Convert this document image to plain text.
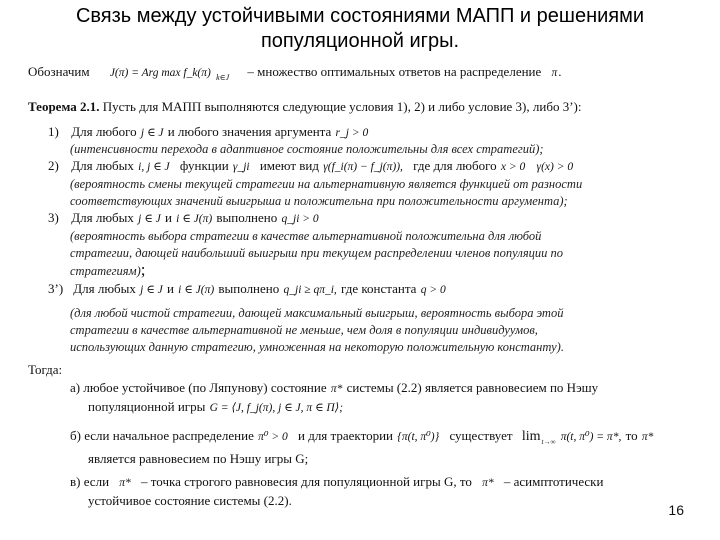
Связь между устойчивыми состояниями МАПП и решениями популяционной игры.
Обозначим J(π) = Arg max f_k(π) $_{k\in J}$ – множество оптимальных ответов на распределение π.
Теорема 2.1. Пусть для МАПП выполняются следующие условия 1), 2) и либо условие 3), либо 3’):
1) Для любого j ∈ J и любого значения аргумента r_j > 0
(интенсивности перехода в адаптивное состояние положительны для всех стратегий);
2) Для любых i, j ∈ J функции γ_ji имеют вид γ(f_i(π) − f_j(π)), где для любого x > 0 γ(x) > 0
(вероятность смены текущей стратегии на альтернативную является функцией от разности
соответствующих значений выигрыша и положительна при положительности аргумента);
3) Для любых j ∈ J и i ∈ J(π) выполнено q_ji > 0
(вероятность выбора стратегии в качестве альтернативной положительна для любой
стратегии, дающей наибольший выигрыш при текущем распределении членов популяции по
стратегиям);
3’) Для любых j ∈ J и i ∈ J(π) выполнено q_ji ≥ qπ_i, где константа q > 0
(для любой чистой стратегии, дающей максимальный выигрыш, вероятность выбора этой
стратегии в качестве альтернативной не меньше, чем доля в популяции индивидуумов,
использующих данную стратегию, умноженная на некоторую положительную константу).
Тогда:
а) любое устойчивое (по Ляпунову) состояние π* системы (2.2) является равновесием по Нэшу
популяционной игры G = ⟨J, f_j(π), j ∈ J, π ∈ Π⟩;
б) если начальное распределение π⁰ > 0 и для траектории {π(t, π⁰)} существует $\lim_{t\to\infty} \pi(t$, π⁰) = π*, то π*
является равновесием по Нэшу игры G;
в) если π* – точка строгого равновесия для популяционной игры G, то π* – асимптотически
устойчивое состояние системы (2.2).
16
